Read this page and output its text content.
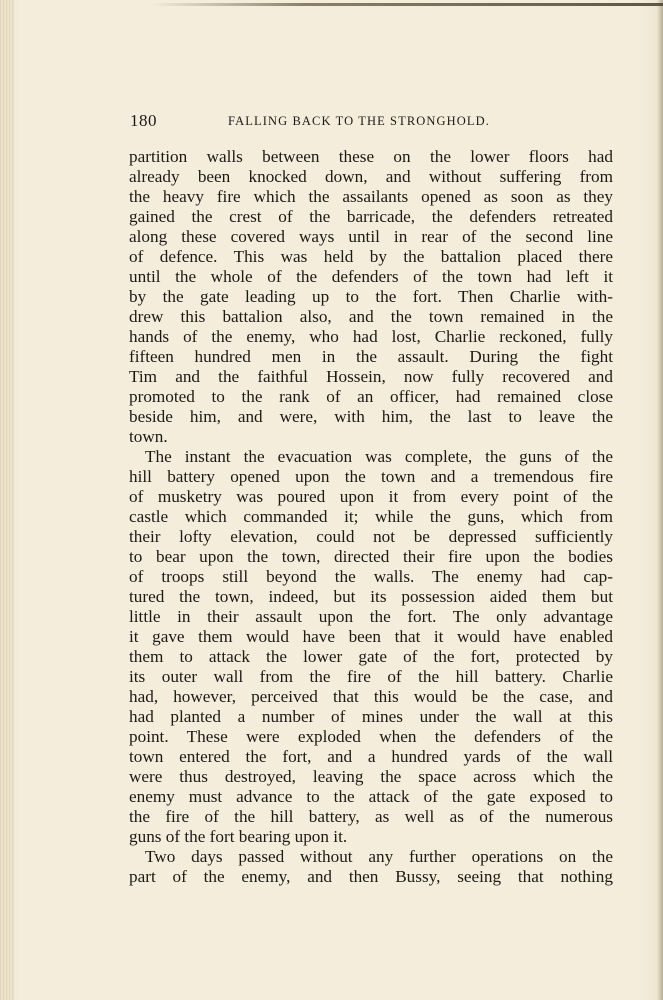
180	FALLING BACK TO THE STRONGHOLD.
partition walls between these on the lower floors had
already been knocked down, and without suffering from
the heavy fire which the assailants opened as soon as they
gained the crest of the barricade, the defenders retreated
along these covered ways until in rear of the second line
of defence. This was held by the battalion placed there
until the whole of the defenders of the town had left it
by the gate leading up to the fort. Then Charlie with-
drew this battalion also, and the town remained in the
hands of the enemy, who had lost, Charlie reckoned, fully
fifteen hundred men in the assault. During the fight
Tim and the faithful Hossein, now fully recovered and
promoted to the rank of an officer, had remained close
beside him, and were, with him, the last to leave the
town.
The instant the evacuation was complete, the guns of the
hill battery opened upon the town and a tremendous fire
of musketry was poured upon it from every point of the
castle which commanded it; while the guns, which from
their lofty elevation, could not be depressed sufficiently
to bear upon the town, directed their fire upon the bodies
of troops still beyond the walls. The enemy had cap-
tured the town, indeed, but its possession aided them but
little in their assault upon the fort. The only advantage
it gave them would have been that it would have enabled
them to attack the lower gate of the fort, protected by
its outer wall from the fire of the hill battery. Charlie
had, however, perceived that this would be the case, and
had planted a number of mines under the wall at this
point. These were exploded when the defenders of the
town entered the fort, and a hundred yards of the wall
were thus destroyed, leaving the space across which the
enemy must advance to the attack of the gate exposed to
the fire of the hill battery, as well as of the numerous
guns of the fort bearing upon it.
Two days passed without any further operations on the
part of the enemy, and then Bussy, seeing that nothing
